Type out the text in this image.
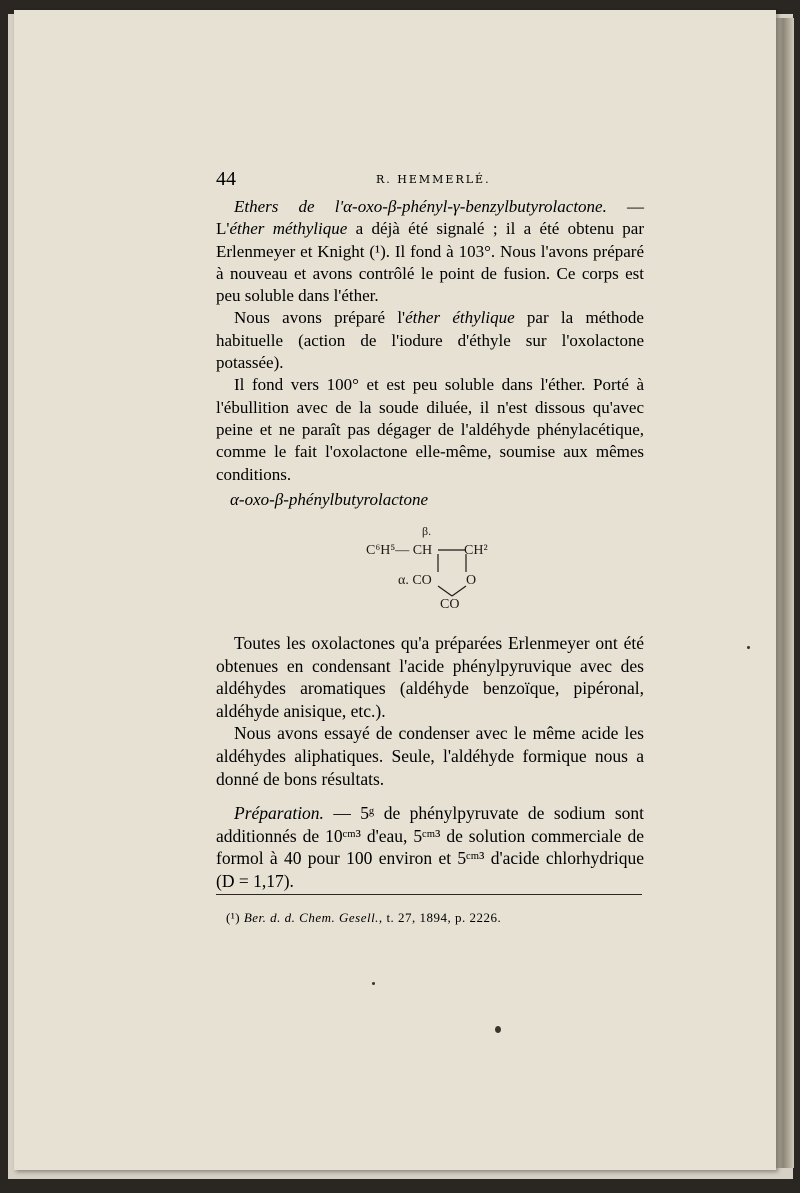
44	R. HEMMERLÉ.

Ethers de l'α-oxo-β-phényl-γ-benzylbutyrolactone. — L'éther méthylique a déjà été signalé ; il a été obtenu par Erlenmeyer et Knight (¹). Il fond à 103°. Nous l'avons préparé à nouveau et avons contrôlé le point de fusion. Ce corps est peu soluble dans l'éther.

Nous avons préparé l'éther éthylique par la méthode habituelle (action de l'iodure d'éthyle sur l'oxolactone potassée).

Il fond vers 100° et est peu soluble dans l'éther. Porté à l'ébullition avec de la soude diluée, il n'est dissous qu'avec peine et ne paraît pas dégager de l'aldéhyde phénylacétique, comme le fait l'oxolactone elle-même, soumise aux mêmes conditions.

α-oxo-β-phénylbutyrolactone
β.
C⁶H⁵— CH CH²
α. CO O
CO

Toutes les oxolactones qu'a préparées Erlenmeyer ont été obtenues en condensant l'acide phénylpyruvique avec des aldéhydes aromatiques (aldéhyde benzoïque, pipéronal, aldéhyde anisique, etc.).

Nous avons essayé de condenser avec le même acide les aldéhydes aliphatiques. Seule, l'aldéhyde formique nous a donné de bons résultats.

Préparation. — 5ᵍ de phénylpyruvate de sodium sont additionnés de 10ᶜᵐ³ d'eau, 5ᶜᵐ³ de solution commerciale de formol à 40 pour 100 environ et 5ᶜᵐ³ d'acide chlorhydrique (D = 1,17).

(¹) Ber. d. d. Chem. Gesell., t. 27, 1894, p. 2226.
